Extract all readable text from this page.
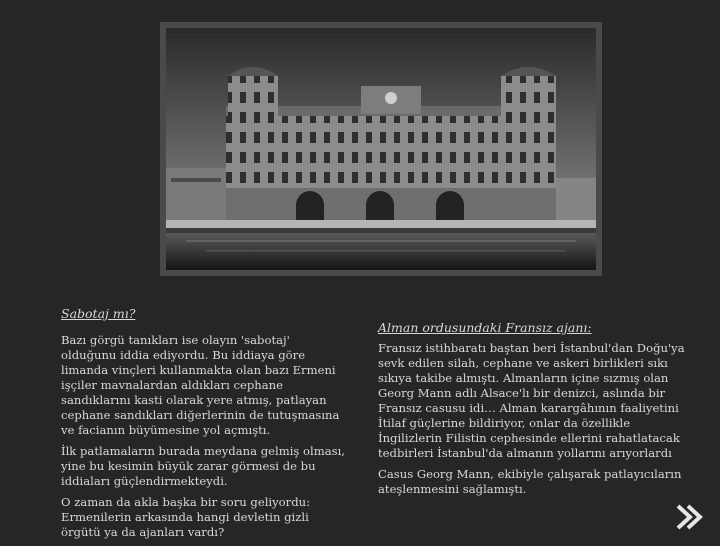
Sabotaj mı?

Bazı görgü tanıkları ise olayın 'sabotaj' olduğunu iddia ediyordu. Bu iddiaya göre limanda vinçleri kullanmakta olan bazı Ermeni işçiler mavnalardan aldıkları cephane sandıklarını kasti olarak yere atmış, patlayan cephane sandıkları diğerlerinin de tutuşmasına ve facianın büyümesine yol açmıştı.

İlk patlamaların burada meydana gelmiş olması, yine bu kesimin büyük zarar görmesi de bu iddiaları güçlendirmekteydi.

O zaman da akla başka bir soru geliyordu: Ermenilerin arkasında hangi devletin gizli örgütü ya da ajanları vardı?

Alman ordusundaki Fransız ajanı:

Fransız istihbaratı baştan beri İstanbul'dan Doğu'ya sevk edilen silah, cephane ve askeri birlikleri sıkı sıkıya takibe almıştı. Almanların içine sızmış olan Georg Mann adlı Alsace'lı bir denizci, aslında bir Fransız casusu idi… Alman karargâhının faaliyetini İtilaf güçlerine bildiriyor, onlar da özellikle İngilizlerin Filistin cephesinde ellerini rahatlatacak tedbirleri İstanbul'da almanın yollarını arıyorlardı

Casus Georg Mann, ekibiyle çalışarak patlayıcıların ateşlenmesini sağlamıştı.
